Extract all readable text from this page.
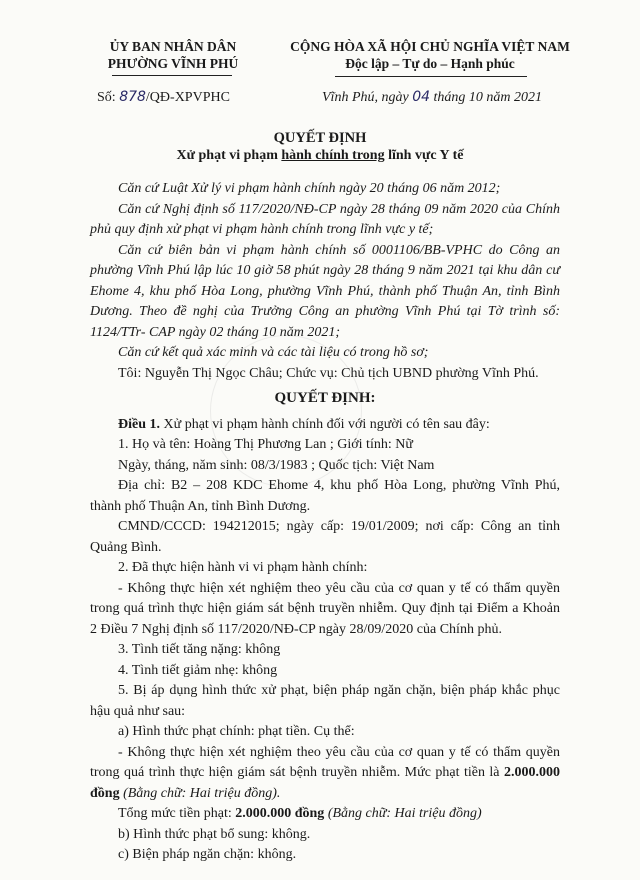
ỦY BAN NHÂN DÂN
PHƯỜNG VĨNH PHÚ
CỘNG HÒA XÃ HỘI CHỦ NGHĨA VIỆT NAM
Độc lập – Tự do – Hạnh phúc
Số: 878/QĐ-XPVPHC	Vĩnh Phú, ngày 04 tháng 10 năm 2021
QUYẾT ĐỊNH
Xử phạt vi phạm hành chính trong lĩnh vực Y tế

Căn cứ Luật Xử lý vi phạm hành chính ngày 20 tháng 06 năm 2012;

Căn cứ Nghị định số 117/2020/NĐ-CP ngày 28 tháng 09 năm 2020 của Chính phủ quy định xử phạt vi phạm hành chính trong lĩnh vực y tế;

Căn cứ biên bản vi phạm hành chính số 0001106/BB-VPHC do Công an phường Vĩnh Phú lập lúc 10 giờ 58 phút ngày 28 tháng 9 năm 2021 tại khu dân cư Ehome 4, khu phố Hòa Long, phường Vĩnh Phú, thành phố Thuận An, tỉnh Bình Dương. Theo đề nghị của Trưởng Công an phường Vĩnh Phú tại Tờ trình số: 1124/TTr- CAP ngày 02 tháng 10 năm 2021;

Căn cứ kết quả xác minh và các tài liệu có trong hồ sơ;

Tôi: Nguyễn Thị Ngọc Châu; Chức vụ: Chủ tịch UBND phường Vĩnh Phú.

QUYẾT ĐỊNH:

Điều 1. Xử phạt vi phạm hành chính đối với người có tên sau đây:

1. Họ và tên: Hoàng Thị Phương Lan ; Giới tính: Nữ

Ngày, tháng, năm sinh: 08/3/1983 ; Quốc tịch: Việt Nam

Địa chỉ: B2 – 208 KDC Ehome 4, khu phố Hòa Long, phường Vĩnh Phú, thành phố Thuận An, tỉnh Bình Dương.

CMND/CCCD: 194212015; ngày cấp: 19/01/2009; nơi cấp: Công an tỉnh Quảng Bình.

2. Đã thực hiện hành vi vi phạm hành chính:

- Không thực hiện xét nghiệm theo yêu cầu của cơ quan y tế có thẩm quyền trong quá trình thực hiện giám sát bệnh truyền nhiễm. Quy định tại Điểm a Khoản 2 Điều 7 Nghị định số 117/2020/NĐ-CP ngày 28/09/2020 của Chính phủ.

3. Tình tiết tăng nặng: không

4. Tình tiết giảm nhẹ: không

5. Bị áp dụng hình thức xử phạt, biện pháp ngăn chặn, biện pháp khắc phục hậu quả như sau:

a) Hình thức phạt chính: phạt tiền. Cụ thể:

- Không thực hiện xét nghiệm theo yêu cầu của cơ quan y tế có thẩm quyền trong quá trình thực hiện giám sát bệnh truyền nhiễm. Mức phạt tiền là 2.000.000 đồng (Bằng chữ: Hai triệu đồng).

Tổng mức tiền phạt: 2.000.000 đồng (Bằng chữ: Hai triệu đồng)

b) Hình thức phạt bổ sung: không.

c) Biện pháp ngăn chặn: không.
